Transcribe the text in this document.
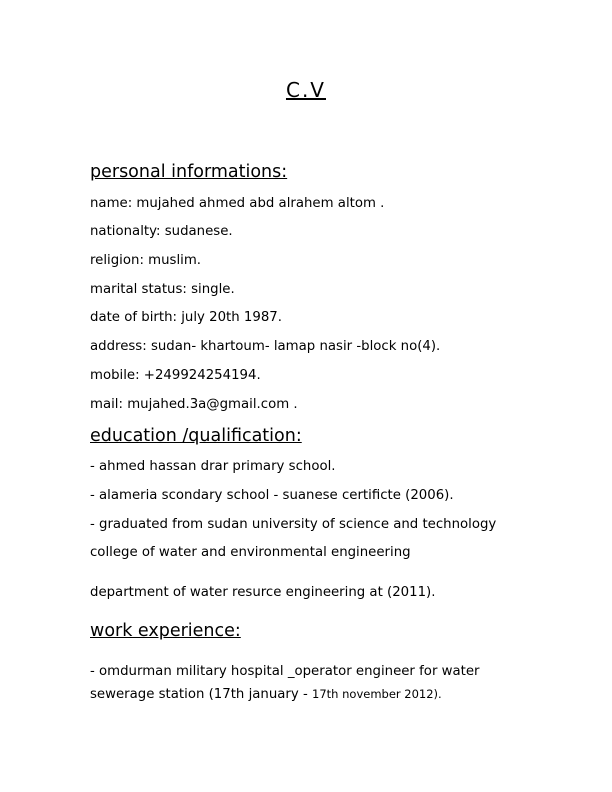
C.V
personal informations:
name: mujahed ahmed abd alrahem altom .
nationalty: sudanese.
religion: muslim.
marital status: single.
date of birth: july 20th 1987.
address: sudan- khartoum- lamap nasir -block no(4).
mobile: +249924254194.
mail: mujahed.3a@gmail.com .
education /qualification:
- ahmed hassan drar primary school.
- alameria scondary school - suanese certificte (2006).
- graduated from sudan university of science and technology
college of water and environmental engineering
department of water resurce engineering at (2011).
work experience:
- omdurman military hospital _operator engineer for water
sewerage station (17th january - 17th november 2012).
